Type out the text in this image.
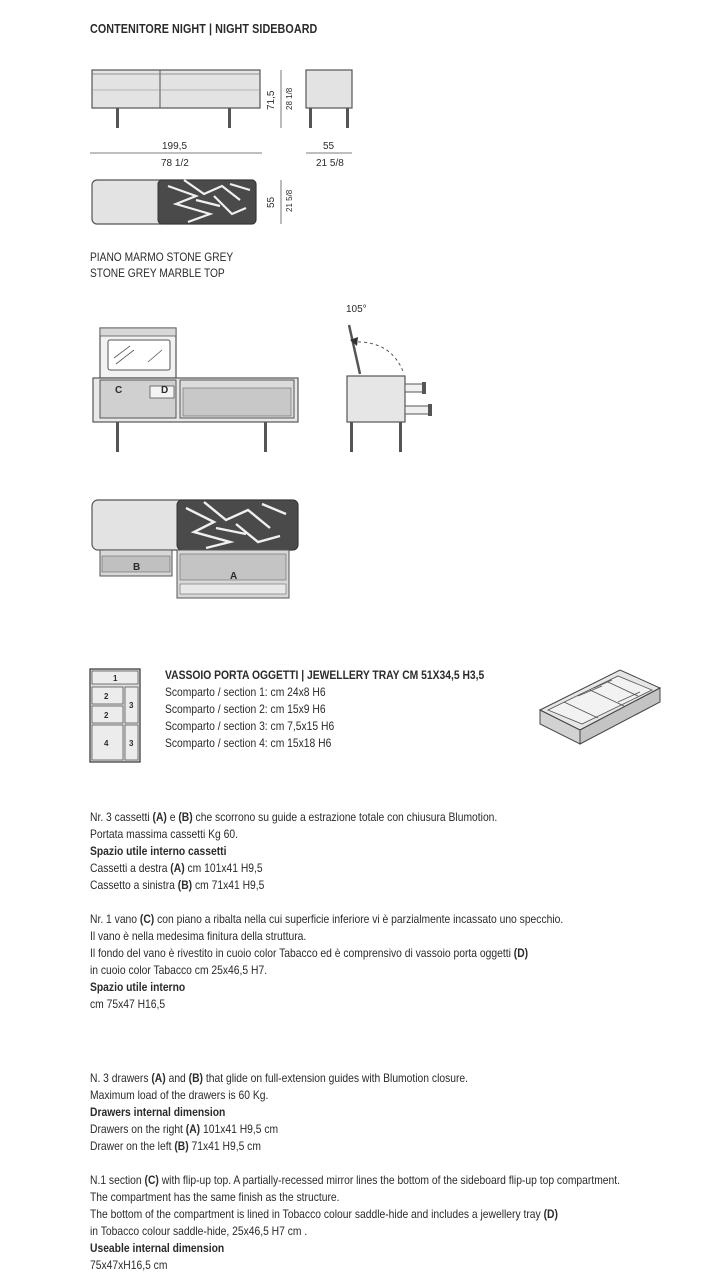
CONTENITORE NIGHT | NIGHT SIDEBOARD
71,5 28 1/8
199,5
78 1/2
55
21 5/8
55 21 5/8
PIANO MARMO STONE GREY
STONE GREY MARBLE TOP
C	D
105°
B
A
1
2
2
3
4	3
VASSOIO PORTA OGGETTI | JEWELLERY TRAY CM 51X34,5 H3,5
Scomparto / section 1: cm 24x8 H6
Scomparto / section 2: cm 15x9 H6
Scomparto / section 3: cm 7,5x15 H6
Scomparto / section 4: cm 15x18 H6
Nr. 3 cassetti (A) e (B) che scorrono su guide a estrazione totale con chiusura Blumotion.
Portata massima cassetti Kg 60.
Spazio utile interno cassetti
Cassetti a destra (A) cm 101x41 H9,5
Cassetto a sinistra (B) cm 71x41 H9,5
Nr. 1 vano (C) con piano a ribalta nella cui superficie inferiore vi è parzialmente incassato uno specchio.
Il vano è nella medesima finitura della struttura.
Il fondo del vano è rivestito in cuoio color Tabacco ed è comprensivo di vassoio porta oggetti (D)
in cuoio color Tabacco cm 25x46,5 H7.
Spazio utile interno
cm 75x47 H16,5
N. 3 drawers (A) and (B) that glide on full-extension guides with Blumotion closure.
Maximum load of the drawers is 60 Kg.
Drawers internal dimension
Drawers on the right (A) 101x41 H9,5 cm
Drawer on the left (B) 71x41 H9,5 cm
N.1 section (C) with flip-up top. A partially-recessed mirror lines the bottom of the sideboard flip-up top compartment.
The compartment has the same finish as the structure.
The bottom of the compartment is lined in Tobacco colour saddle-hide and includes a jewellery tray (D)
in Tobacco colour saddle-hide, 25x46,5 H7 cm .
Useable internal dimension
75x47xH16,5 cm
